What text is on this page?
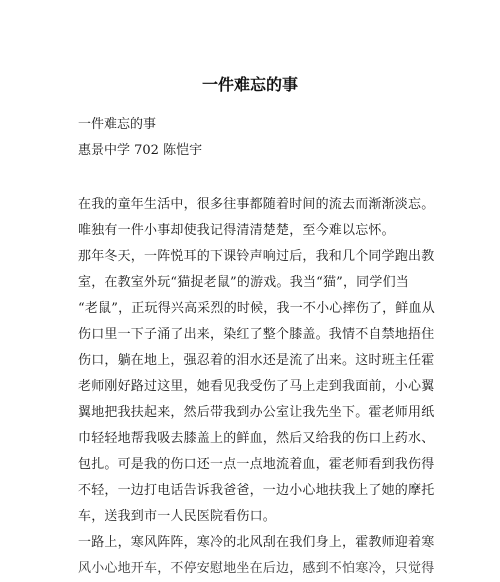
一件难忘的事
一件难忘的事
惠景中学 702 陈恺宇
在我的童年生活中，很多往事都随着时间的流去而渐渐淡忘。
唯独有一件小事却使我记得清清楚楚，至今难以忘怀。
那年冬天，一阵悦耳的下课铃声响过后，我和几个同学跑出教
室，在教室外玩“猫捉老鼠”的游戏。我当“猫”，同学们当
“老鼠”，正玩得兴高采烈的时候，我一不小心摔伤了，鲜血从
伤口里一下子涌了出来，染红了整个膝盖。我情不自禁地捂住
伤口，躺在地上，强忍着的泪水还是流了出来。这时班主任霍
老师刚好路过这里，她看见我受伤了马上走到我面前，小心翼
翼地把我扶起来，然后带我到办公室让我先坐下。霍老师用纸
巾轻轻地帮我吸去膝盖上的鲜血，然后又给我的伤口上药水、
包扎。可是我的伤口还一点一点地流着血，霍老师看到我伤得
不轻，一边打电话告诉我爸爸，一边小心地扶我上了她的摩托
车，送我到市一人民医院看伤口。
一路上，寒风阵阵，寒冷的北风刮在我们身上，霍教师迎着寒
风小心地开车，不停安慰地坐在后边，感到不怕寒冷，只觉得
